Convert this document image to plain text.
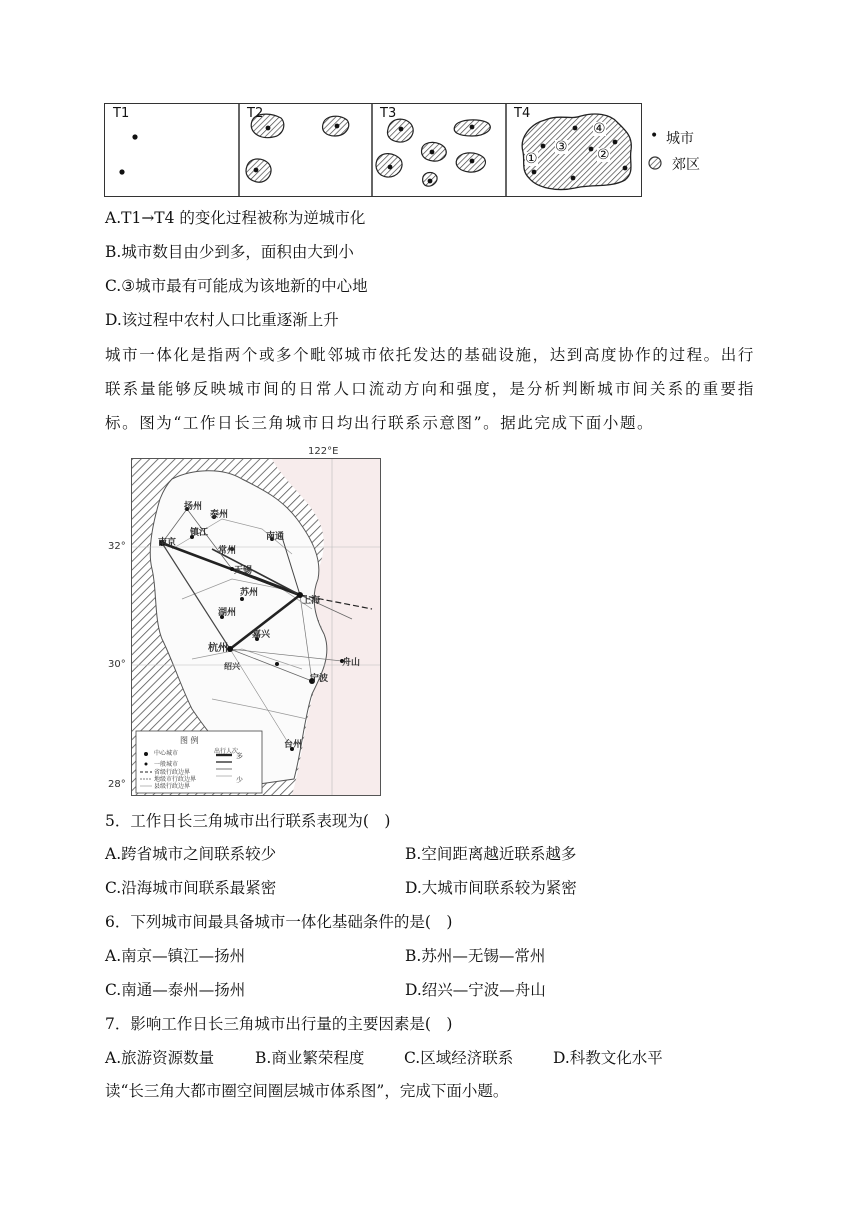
T1	T2	T3	T4
①	②
③
④	• 城市
郊区
A.T1→T4 的变化过程被称为逆城市化
B.城市数目由少到多，面积由大到小
C.③城市最有可能成为该地新的中心地
D.该过程中农村人口比重逐渐上升
城市一体化是指两个或多个毗邻城市依托发达的基础设施，达到高度协作的过程。出行联系量能够反映城市间的日常人口流动方向和强度，是分析判断城市间关系的重要指标。图为“工作日长三角城市日均出行联系示意图”。据此完成下面小题。
南京
扬州
泰州
镇江
常州
南通
无锡
苏州
上海
湖州
嘉兴
杭州
绍兴
宁波
舟山
台州
图 例
中心城市
一般城市
省级行政边界
地级市行政边界
县级行政边界
出行人次
多
少
122°E
32°
30°
28°
5．工作日长三角城市出行联系表现为(　)
A.跨省城市之间联系较少	B.空间距离越近联系越多
C.沿海城市间联系最紧密	D.大城市间联系较为紧密
6．下列城市间最具备城市一体化基础条件的是(　)
A.南京—镇江—扬州	B.苏州—无锡—常州
C.南通—泰州—扬州	D.绍兴—宁波—舟山
7．影响工作日长三角城市出行量的主要因素是(　)
A.旅游资源数量	B.商业繁荣程度	C.区域经济联系	D.科教文化水平
读“长三角大都市圈空间圈层城市体系图”，完成下面小题。
